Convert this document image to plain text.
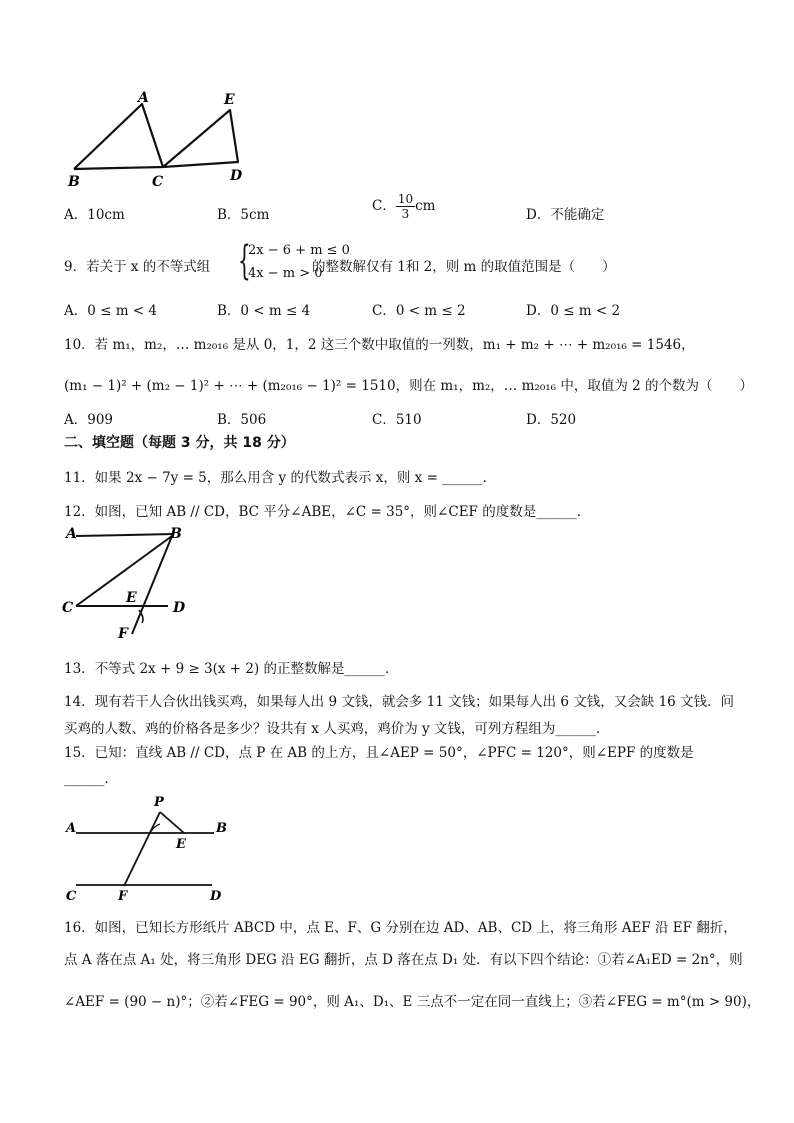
A
B	C	D
E
A．10cm	B．5cm
C． $\frac{10}{3}$ cm
D．不能确定
9．若关于 x 的不等式组 {
2x − 6 + m ≤ 0
4x − m > 0
的整数解仅有 1和 2，则 m 的取值范围是（　　）
A．0 ≤ m < 4	B．0 < m ≤ 4	C．0 < m ≤ 2	D．0 ≤ m < 2
10．若 m₁，m₂，… m₂₀₁₆ 是从 0，1，2 这三个数中取值的一列数，m₁ + m₂ + ⋯ + m₂₀₁₆ = 1546，
(m₁ − 1)² + (m₂ − 1)² + ⋯ + (m₂₀₁₆ − 1)² = 1510，则在 m₁，m₂，… m₂₀₁₆ 中，取值为 2 的个数为（　　）
A．909	B．506	C．510	D．520
二、填空题（每题 3 分，共 18 分）
11．如果 2x − 7y = 5，那么用含 y 的代数式表示 x，则 x = ______．
12．如图，已知 AB // CD，BC 平分∠ABE，∠C = 35°，则∠CEF 的度数是______．
A	B
C	D
E
F
13．不等式 2x + 9 ≥ 3(x + 2) 的正整数解是______．
14．现有若干人合伙出钱买鸡，如果每人出 9 文钱，就会多 11 文钱；如果每人出 6 文钱，又会缺 16 文钱．问
买鸡的人数、鸡的价格各是多少？设共有 x 人买鸡，鸡价为 y 文钱，可列方程组为______．
15．已知：直线 AB // CD，点 P 在 AB 的上方，且∠AEP = 50°，∠PFC = 120°，则∠EPF 的度数是
______．
P
A	B
E
C	F	D
16．如图，已知长方形纸片 ABCD 中，点 E、F、G 分别在边 AD、AB、CD 上，将三角形 AEF 沿 EF 翻折，
点 A 落在点 A₁ 处，将三角形 DEG 沿 EG 翻折，点 D 落在点 D₁ 处．有以下四个结论：①若∠A₁ED = 2n°，则
∠AEF = (90 − n)°；②若∠FEG = 90°，则 A₁、D₁、E 三点不一定在同一直线上；③若∠FEG = m°(m > 90)，
